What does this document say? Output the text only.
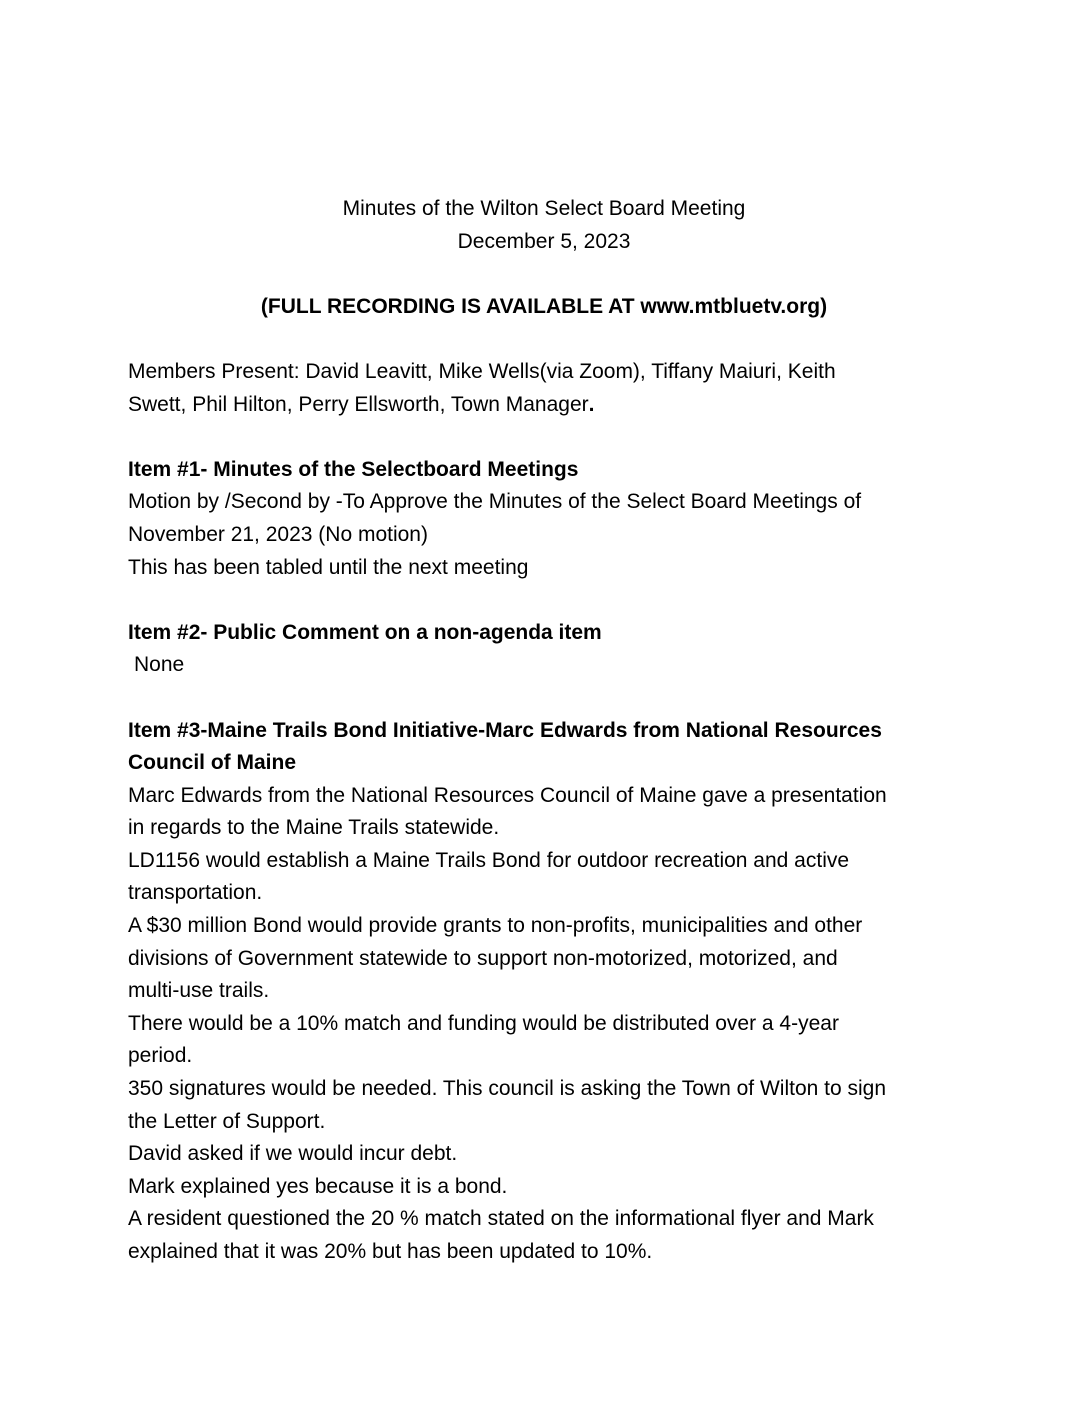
Minutes of the Wilton Select Board Meeting
December 5, 2023
(FULL RECORDING IS AVAILABLE AT www.mtbluetv.org)
Members Present: David Leavitt, Mike Wells(via Zoom), Tiffany Maiuri, Keith
Swett, Phil Hilton, Perry Ellsworth, Town Manager.
Item #1- Minutes of the Selectboard Meetings
Motion by /Second by -To Approve the Minutes of the Select Board Meetings of
November 21, 2023 (No motion)
This has been tabled until the next meeting
Item #2- Public Comment on a non-agenda item
None
Item #3-Maine Trails Bond Initiative-Marc Edwards from National Resources
Council of Maine
Marc Edwards from the National Resources Council of Maine gave a presentation
in regards to the Maine Trails statewide.
LD1156 would establish a Maine Trails Bond for outdoor recreation and active
transportation.
A $30 million Bond would provide grants to non-profits, municipalities and other
divisions of Government statewide to support non-motorized, motorized, and
multi-use trails.
There would be a 10% match and funding would be distributed over a 4-year
period.
350 signatures would be needed. This council is asking the Town of Wilton to sign
the Letter of Support.
David asked if we would incur debt.
Mark explained yes because it is a bond.
A resident questioned the 20 % match stated on the informational flyer and Mark
explained that it was 20% but has been updated to 10%.
